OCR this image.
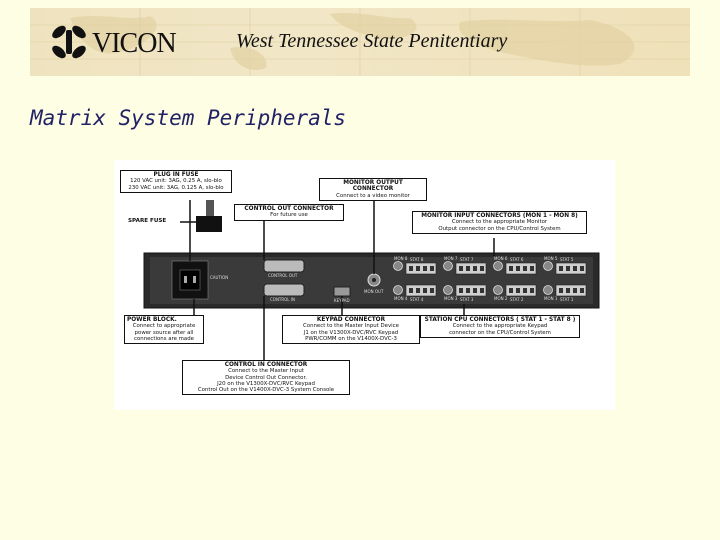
VICON	West Tennessee State Penitentiary
Matrix System Peripherals
CAUTION	CONTROL OUT
CONTROL IN	KEYPAD
MON OUT
PLUG IN FUSE
120 VAC unit: 3AG, 0.25 A, slo-blo
230 VAC unit: 3AG, 0.125 A, slo-blo
MONITOR OUTPUT CONNECTOR
Connect to a video monitor
CONTROL OUT CONNECTOR
For future use	MONITOR INPUT CONNECTORS (MON 1 - MON 8)
Connect to the appropriate Monitor
Output connector on the CPU/Control System
SPARE FUSE
POWER BLOCK.
Connect to appropriate
power source after all
connections are made
KEYPAD CONNECTOR
Connect to the Master Input Device
J1 on the V1300X-DVC/RVC Keypad
PWR/COMM on the V1400X-DVC-3
STATION CPU CONNECTORS ( STAT 1 - STAT 8 )
Connect to the appropriate Keypad
connector on the CPU/Control System
CONTROL IN CONNECTOR
Connect to the Master Input
Device Control Out Connector.
J20 on the V1300X-DVC/RVC Keypad
Control Out on the V1400X-DVC-3 System Console
MON 8 STAT 8
STAT 4
MON 4
MON 7 STAT 7
STAT 3
MON 3
MON 6 STAT 6
STAT 2
MON 2
MON 5 STAT 5
STAT 1
MON 1
